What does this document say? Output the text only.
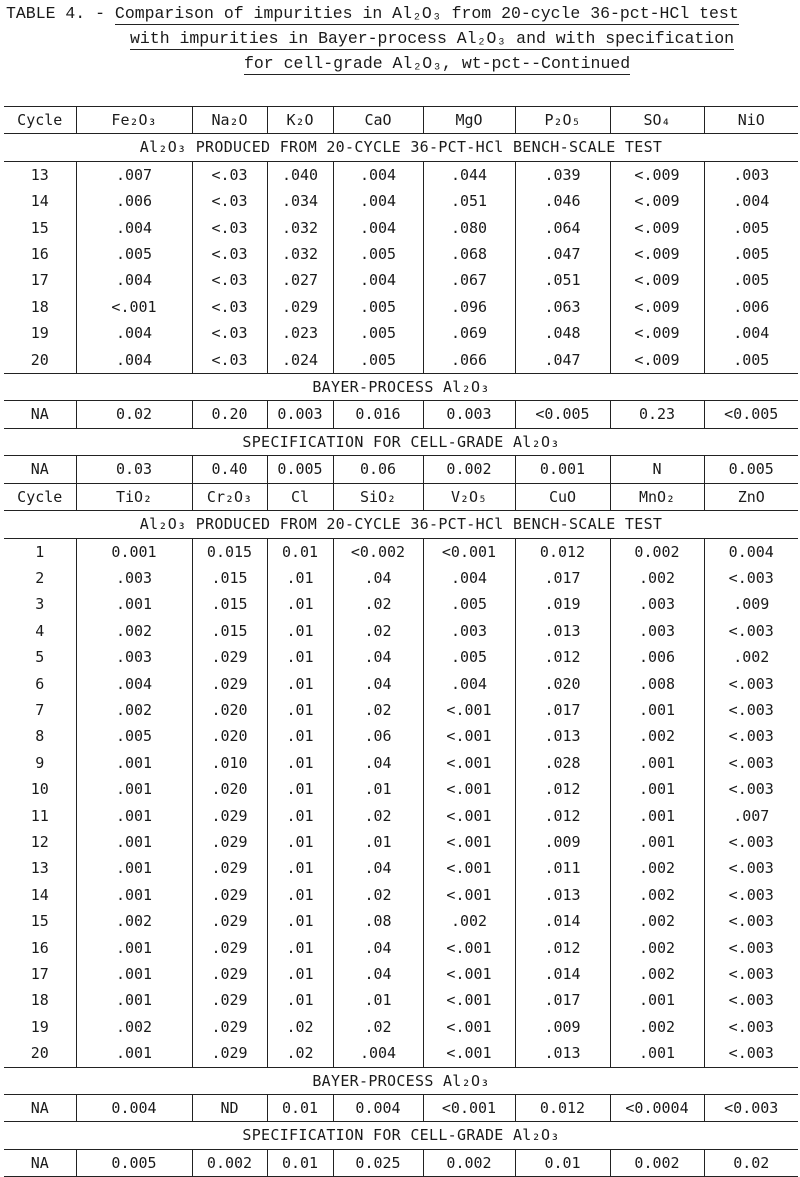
TABLE 4. - Comparison of impurities in Al₂O₃ from 20-cycle 36-pct-HCl test
with impurities in Bayer-process Al₂O₃ and with specification
for cell-grade Al₂O₃, wt-pct--Continued
Cycle	Fe₂O₃	Na₂O	K₂O	CaO	MgO	P₂O₅	SO₄	NiO
Al₂O₃ PRODUCED FROM 20-CYCLE 36-PCT-HCl BENCH-SCALE TEST								
13	.007	<.03	.040	.004	.044	.039	<.009	.003
14	.006	<.03	.034	.004	.051	.046	<.009	.004
15	.004	<.03	.032	.004	.080	.064	<.009	.005
16	.005	<.03	.032	.005	.068	.047	<.009	.005
17	.004	<.03	.027	.004	.067	.051	<.009	.005
18	<.001	<.03	.029	.005	.096	.063	<.009	.006
19	.004	<.03	.023	.005	.069	.048	<.009	.004
20	.004	<.03	.024	.005	.066	.047	<.009	.005
BAYER-PROCESS Al₂O₃								
NA	0.02	0.20	0.003	0.016	0.003	<0.005	0.23	<0.005
SPECIFICATION FOR CELL-GRADE Al₂O₃								
NA	0.03	0.40	0.005	0.06	0.002	0.001	N	0.005
Cycle	TiO₂	Cr₂O₃	Cl	SiO₂	V₂O₅	CuO	MnO₂	ZnO
Al₂O₃ PRODUCED FROM 20-CYCLE 36-PCT-HCl BENCH-SCALE TEST								
1	0.001	0.015	0.01	<0.002	<0.001	0.012	0.002	0.004
2	.003	.015	.01	.04	.004	.017	.002	<.003
3	.001	.015	.01	.02	.005	.019	.003	.009
4	.002	.015	.01	.02	.003	.013	.003	<.003
5	.003	.029	.01	.04	.005	.012	.006	.002
6	.004	.029	.01	.04	.004	.020	.008	<.003
7	.002	.020	.01	.02	<.001	.017	.001	<.003
8	.005	.020	.01	.06	<.001	.013	.002	<.003
9	.001	.010	.01	.04	<.001	.028	.001	<.003
10	.001	.020	.01	.01	<.001	.012	.001	<.003
11	.001	.029	.01	.02	<.001	.012	.001	.007
12	.001	.029	.01	.01	<.001	.009	.001	<.003
13	.001	.029	.01	.04	<.001	.011	.002	<.003
14	.001	.029	.01	.02	<.001	.013	.002	<.003
15	.002	.029	.01	.08	.002	.014	.002	<.003
16	.001	.029	.01	.04	<.001	.012	.002	<.003
17	.001	.029	.01	.04	<.001	.014	.002	<.003
18	.001	.029	.01	.01	<.001	.017	.001	<.003
19	.002	.029	.02	.02	<.001	.009	.002	<.003
20	.001	.029	.02	.004	<.001	.013	.001	<.003
BAYER-PROCESS Al₂O₃								
NA	0.004	ND	0.01	0.004	<0.001	0.012	<0.0004	<0.003
SPECIFICATION FOR CELL-GRADE Al₂O₃								
NA	0.005	0.002	0.01	0.025	0.002	0.01	0.002	0.02
